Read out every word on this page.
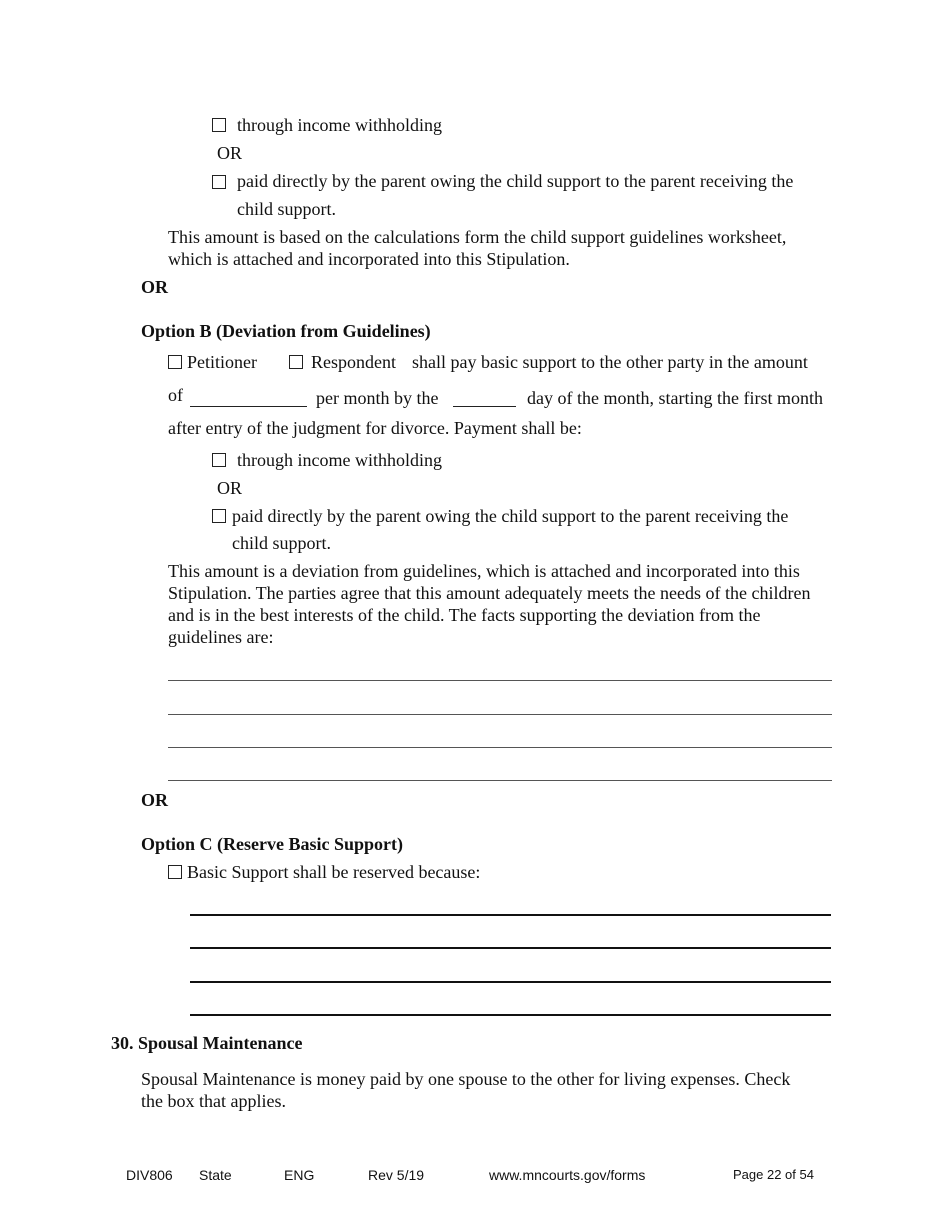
through income withholding
OR
paid directly by the parent owing the child support to the parent receiving the
child support.
This amount is based on the calculations form the child support guidelines worksheet,
which is attached and incorporated into this Stipulation.
OR
Option B (Deviation from Guidelines)
Petitioner	Respondent shall pay basic support to the other party in the amount
of	per month by the	day of the month, starting the first month
after entry of the judgment for divorce. Payment shall be:
through income withholding
OR
paid directly by the parent owing the child support to the parent receiving the
child support.
This amount is a deviation from guidelines, which is attached and incorporated into this
Stipulation. The parties agree that this amount adequately meets the needs of the children
and is in the best interests of the child. The facts supporting the deviation from the
guidelines are:
OR
Option C (Reserve Basic Support)
Basic Support shall be reserved because:
30. Spousal Maintenance
Spousal Maintenance is money paid by one spouse to the other for living expenses. Check
the box that applies.
DIV806 State	ENG	Rev 5/19	www.mncourts.gov/forms	Page 22 of 54
